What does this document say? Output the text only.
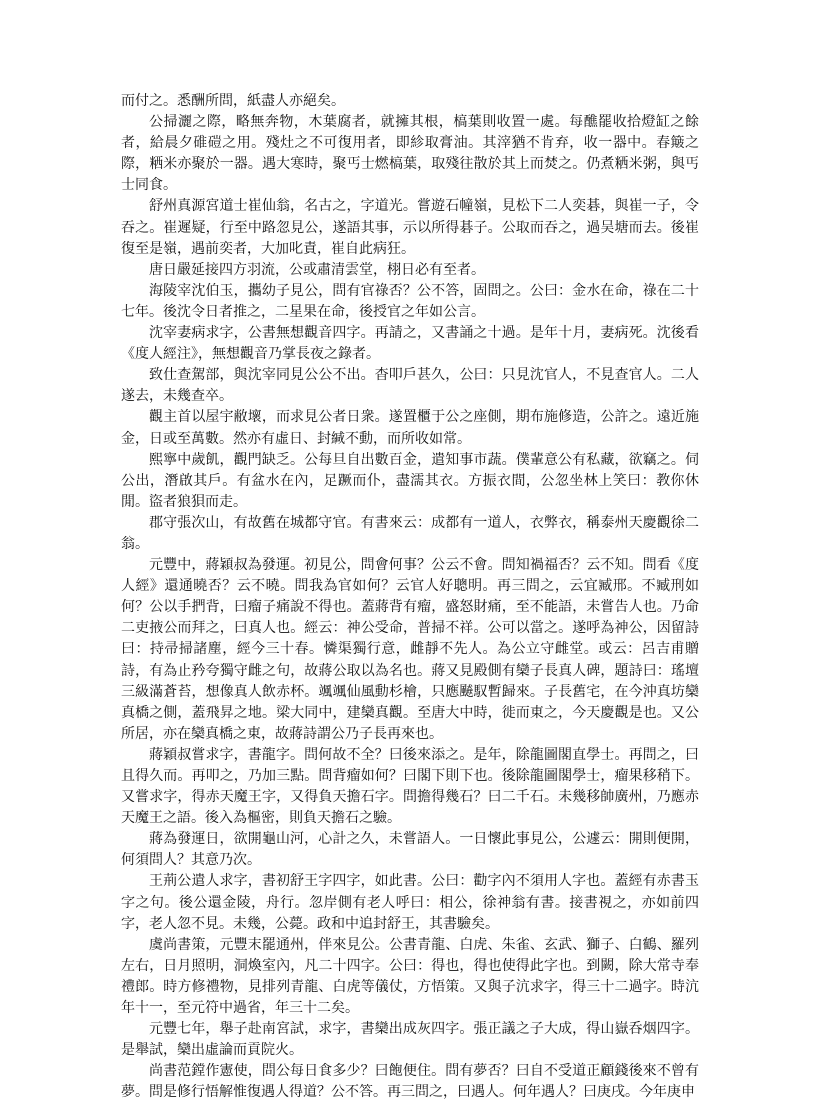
而付之。悉酬所問，紙盡人亦絕矣。

公掃灑之際，略無奔物，木葉腐者，就擁其根，槁葉則收置一處。每醮罷收拾燈缸之餘者，給晨夕碓磑之用。殘灶之不可復用者，即紾取膏油。其滓猶不肯弃，收一器中。春簸之際，粞米亦聚於一器。遇大寒時，聚丐士燃槁葉，取殘往散於其上而焚之。仍煮粞米粥，與丐士同食。

舒州真源宮道士崔仙翁，名古之，字道光。嘗遊石幢嶺，見松下二人奕碁，與崔一子，令吞之。崔遲疑，行至中路忽見公，遂語其事，示以所得碁子。公取而吞之，過吴塘而去。後崔復至是嶺，遇前奕者，大加叱責，崔自此病狂。

唐日嚴延接四方羽流，公或肅清雲堂，栩日必有至者。

海陵宰沈伯玉，攜幼子見公，問有官祿否？公不答，固問之。公曰：金水在命，祿在二十七年。後沈令日者推之，二星果在命，後授官之年如公言。

沈宰妻病求字，公書無想觀音四字。再請之，又書誦之十過。是年十月，妻病死。沈後看《度人經注》，無想觀音乃掌長夜之錄者。

致仕查駕部，與沈宰同見公公不出。杳叩戶甚久，公曰：只見沈官人，不見查官人。二人遂去，未幾查卒。

觀主首以屋宇敝壞，而求見公者日衆。遂置櫃于公之座側，期布施修造，公許之。遠近施金，日或至萬數。然亦有虛日、封緘不動，而所收如常。

熙寧中歲飢，觀門缺乏。公每旦自出數百金，遣知事市蔬。僕輩意公有私藏，欲竊之。伺公出，潛啟其戶。有盆水在內，足蹶而仆，盡濡其衣。方振衣間，公忽坐林上笑曰：教你休閒。盜者狼狽而走。

郡守張次山，有故舊在城都守官。有書來云：成都有一道人，衣弊衣，稱泰州天慶觀徐二翁。

元豐中，蔣穎叔為發運。初見公，問會何事？公云不會。問知禍福否？云不知。問看《度人經》還通曉否？云不曉。問我為官如何？云官人好聰明。再三問之，云宜臧邢。不臧刑如何？公以手捫背，曰瘤子痛說不得也。蓋蔣背有瘤，盛怒財痛，至不能語，未嘗告人也。乃命二吏掖公而拜之，曰真人也。經云：神公受命，普掃不祥。公可以當之。遂呼為神公，因留詩曰：持帚掃諸塵，經今三十春。憐渠獨行意，雌靜不先人。為公立守雌堂。或云：呂吉甫贈詩，有為止矜夸獨守雌之句，故蔣公取以為名也。蔣又見殿側有欒子長真人碑，題詩曰：瑤壇三級滿蒼苔，想像真人飲赤杯。颯颯仙風動杉檜，只應飇馭暫歸來。子長舊宅，在今沖真坊欒真橋之側，蓋飛昇之地。梁大同中，建欒真觀。至唐大中時，徙而東之，今天慶觀是也。又公所居，亦在欒真橋之東，故蔣詩謂公乃子長再來也。

蔣穎叔嘗求字，書龍字。問何故不全？曰後來添之。是年，除龍圖閣直學士。再問之，曰且得久而。再叩之，乃加三點。問背瘤如何？曰閣下則下也。後除龍圖閣學士，瘤果移稍下。又嘗求字，得赤天魔王字，又得負天擔石字。問擔得幾石？曰二千石。未幾移帥廣州，乃應赤天魔王之語。後入為樞密，則負天擔石之驗。

蔣為發運日，欲開龜山河，心計之久，未嘗語人。一日懷此事見公，公遽云：開則便開，何須問人？其意乃次。

王荊公遣人求字，書初舒王字四字，如此書。公曰：勸字內不須用人字也。蓋經有赤書玉字之句。後公還金陵，舟行。忽岸側有老人呼曰：相公，徐神翁有書。接書視之，亦如前四字，老人忽不見。未幾，公薨。政和中追封舒王，其書驗矣。

虞尚書策，元豐末罷通州，伴來見公。公書青龍、白虎、朱雀、玄武、獅子、白鶴、羅列左右，日月照明，洞煥室內，凡二十四字。公曰：得也，得也使得此字也。到闕，除大常寺奉禮郎。時方修禮物，見排列青龍、白虎等儀仗，方悟策。又與子沆求字，得三十二過字。時沆年十一，至元符中過省，年三十二矣。

元豐七年，舉子赴南宮試，求字，書欒出成灰四字。張正議之子大成，得山嶽呑烟四字。是舉試，欒出虛論而貢院火。

尚書范鏜作憲使，問公每日食多少？曰飽便住。問有夢否？曰自不受道正顧錢後來不曾有夢。問是修行悟解惟復遇人得道？公不答。再三問之，曰遇人。何年遇人？曰庚戌。今年庚申
